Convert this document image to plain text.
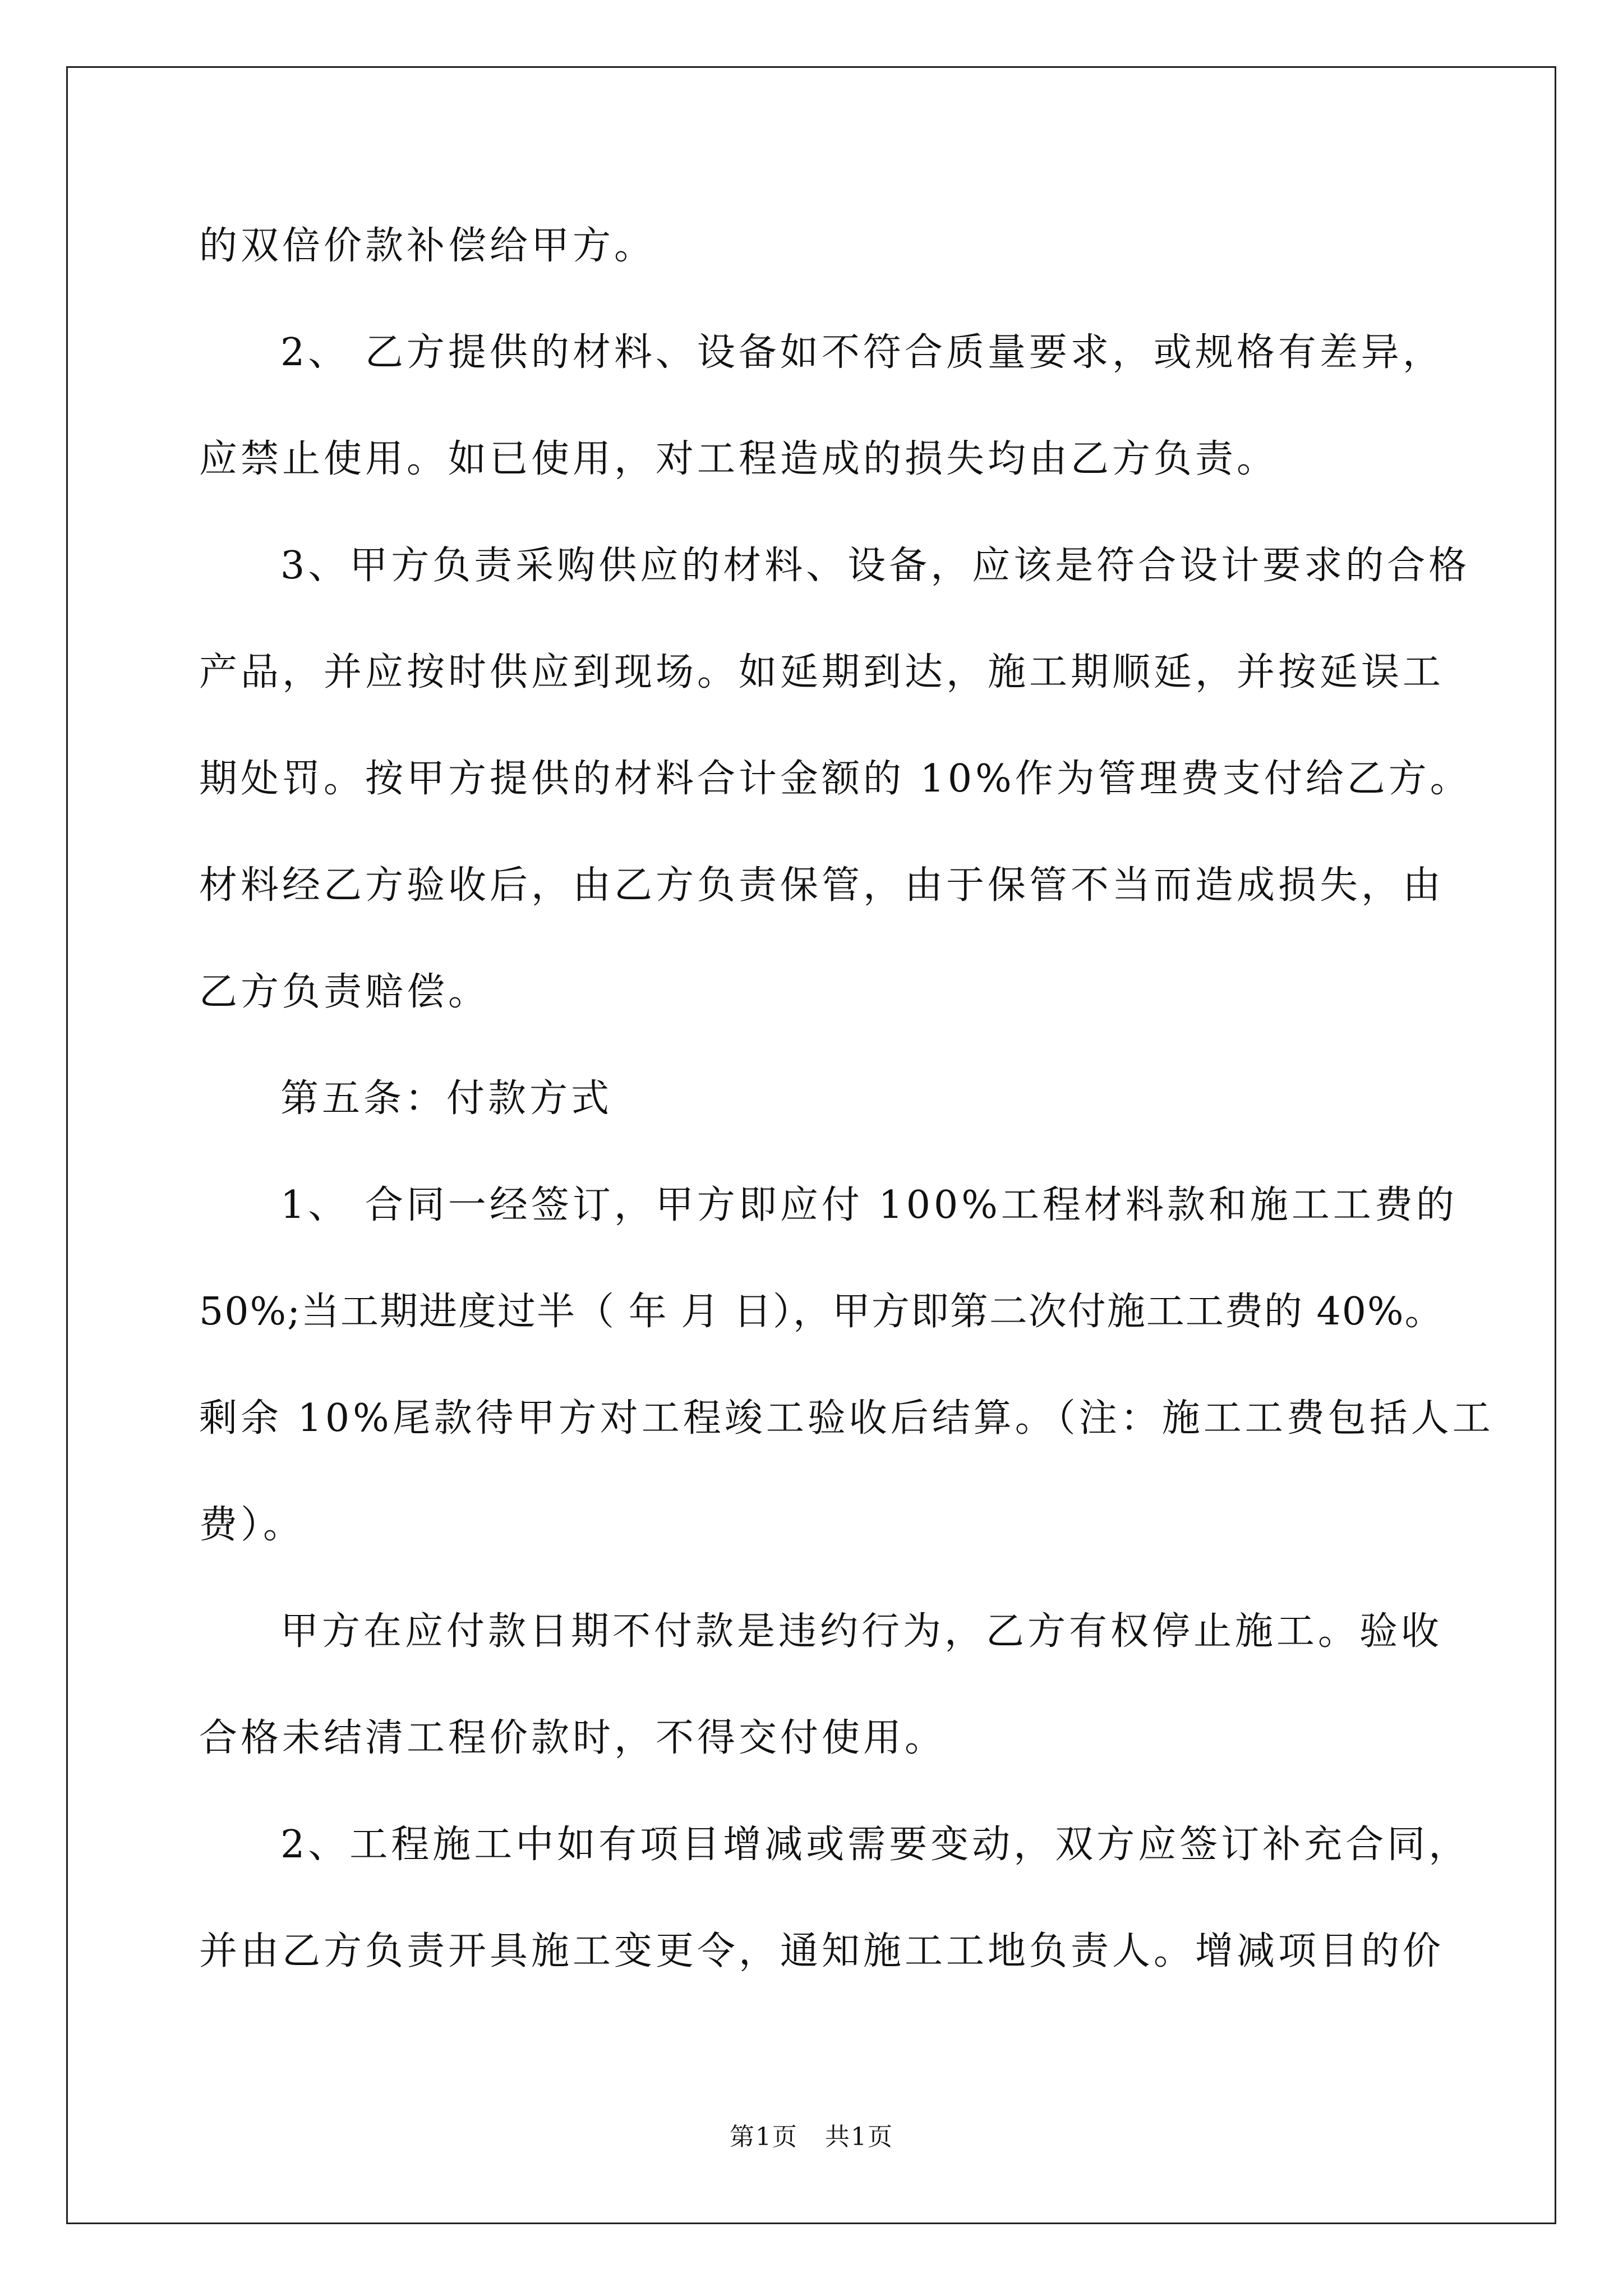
的双倍价款补偿给甲方。
2、 乙方提供的材料、设备如不符合质量要求，或规格有差异，
应禁止使用。如已使用，对工程造成的损失均由乙方负责。
3、甲方负责采购供应的材料、设备，应该是符合设计要求的合格
产品，并应按时供应到现场。如延期到达，施工期顺延，并按延误工
期处罚。按甲方提供的材料合计金额的 10%作为管理费支付给乙方。
材料经乙方验收后，由乙方负责保管，由于保管不当而造成损失，由
乙方负责赔偿。
第五条：付款方式
1、 合同一经签订，甲方即应付 100%工程材料款和施工工费的
50%;当工期进度过半（ 年 月 日），甲方即第二次付施工工费的 40%。
剩余 10%尾款待甲方对工程竣工验收后结算。（注：施工工费包括人工
费）。
甲方在应付款日期不付款是违约行为，乙方有权停止施工。验收
合格未结清工程价款时，不得交付使用。
2、工程施工中如有项目增减或需要变动，双方应签订补充合同，
并由乙方负责开具施工变更令，通知施工工地负责人。增减项目的价
第1页   共1页
